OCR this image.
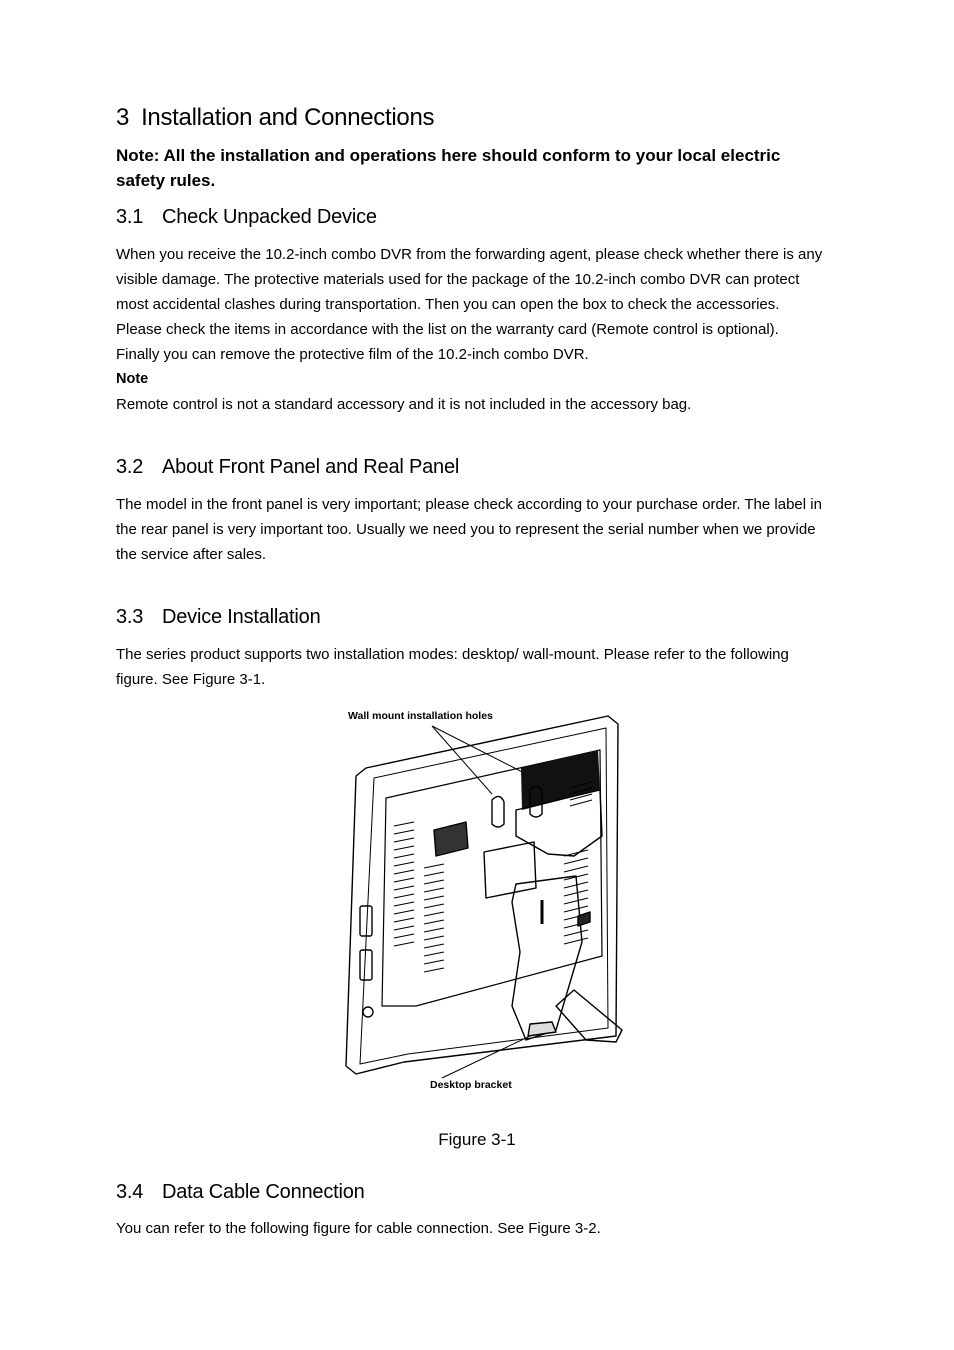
3 Installation and Connections
Note: All the installation and operations here should conform to your local electric safety rules.
3.1 Check Unpacked Device

When you receive the 10.2-inch combo DVR from the forwarding agent, please check whether there is any visible damage. The protective materials used for the package of the 10.2-inch combo DVR can protect most accidental clashes during transportation. Then you can open the box to check the accessories.

Please check the items in accordance with the list on the warranty card (Remote control is optional). Finally you can remove the protective film of the 10.2-inch combo DVR.

Note

Remote control is not a standard accessory and it is not included in the accessory bag.

3.2 About Front Panel and Real Panel

The model in the front panel is very important; please check according to your purchase order. The label in the rear panel is very important too. Usually we need you to represent the serial number when we provide the service after sales.

3.3 Device Installation

The series product supports two installation modes: desktop/ wall-mount. Please refer to the following figure. See Figure 3-1.

Wall mount installation holes
Desktop bracket
Figure 3-1
3.4 Data Cable Connection

You can refer to the following figure for cable connection. See Figure 3-2.
